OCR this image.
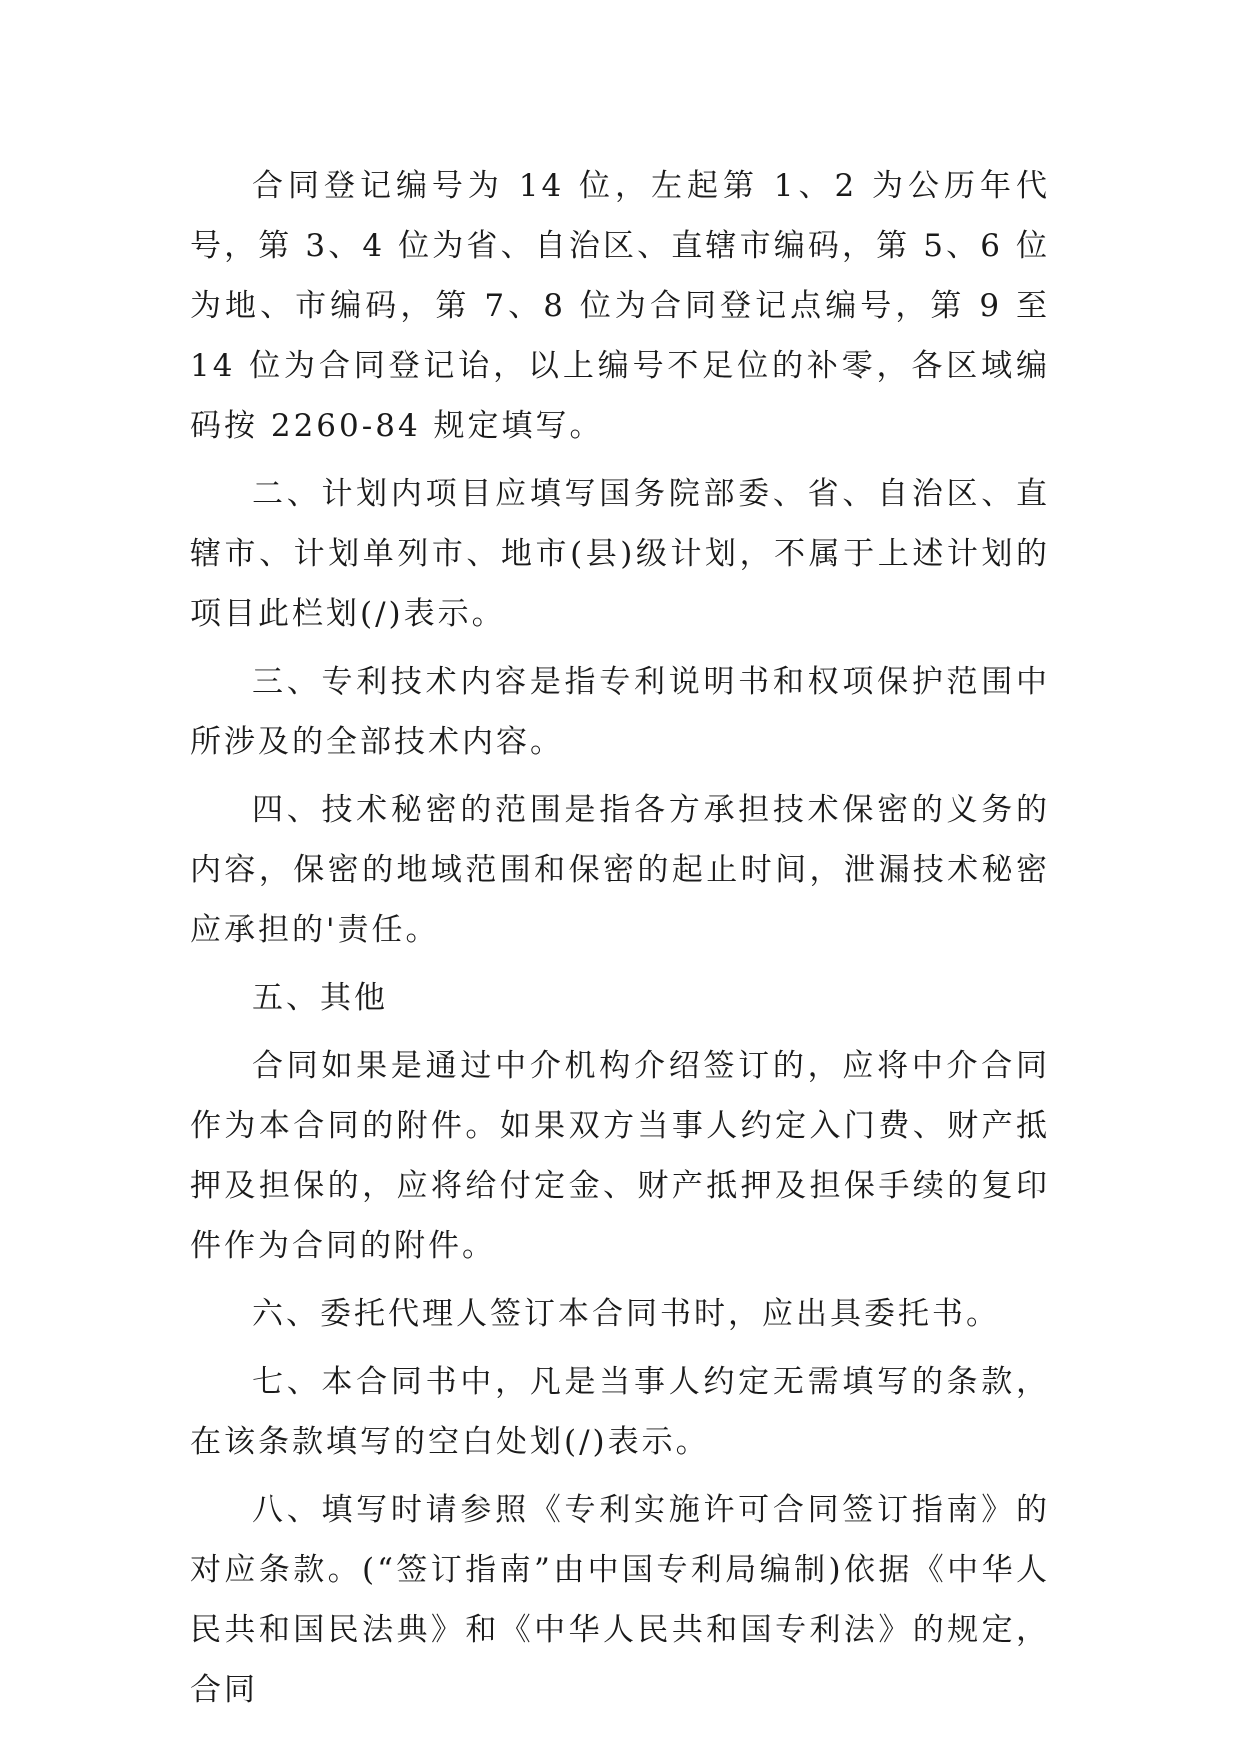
合同登记编号为 14 位，左起第 1、2 为公历年代号，第 3、4 位为省、自治区、直辖市编码，第 5、6 位为地、市编码，第 7、8 位为合同登记点编号，第 9 至 14 位为合同登记诒，以上编号不足位的补零，各区域编码按 2260-84 规定填写。

二、计划内项目应填写国务院部委、省、自治区、直辖市、计划单列市、地市(县)级计划，不属于上述计划的项目此栏划(/)表示。

三、专利技术内容是指专利说明书和权项保护范围中所涉及的全部技术内容。

四、技术秘密的范围是指各方承担技术保密的义务的内容，保密的地域范围和保密的起止时间，泄漏技术秘密应承担的'责任。

五、其他

合同如果是通过中介机构介绍签订的，应将中介合同作为本合同的附件。如果双方当事人约定入门费、财产抵押及担保的，应将给付定金、财产抵押及担保手续的复印件作为合同的附件。

六、委托代理人签订本合同书时，应出具委托书。

七、本合同书中，凡是当事人约定无需填写的条款，在该条款填写的空白处划(/)表示。

八、填写时请参照《专利实施许可合同签订指南》的对应条款。(“签订指南”由中国专利局编制)依据《中华人民共和国民法典》和《中华人民共和国专利法》的规定，合同
